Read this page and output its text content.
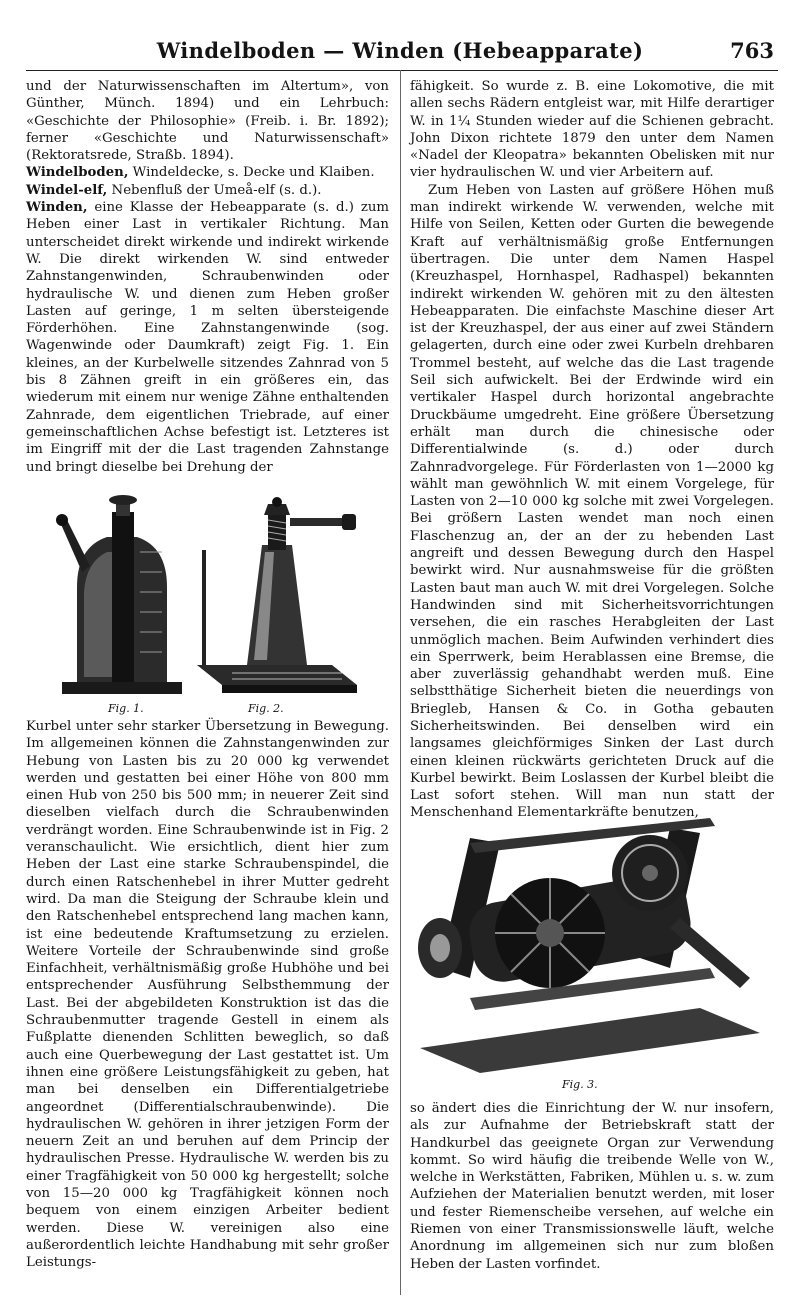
Windelboden — Winden (Hebeapparate)	763

und der Naturwissenschaften im Altertum», von Günther, Münch. 1894) und ein Lehrbuch: «Geschichte der Philosophie» (Freib. i. Br. 1892); ferner «Geschichte und Naturwissenschaft» (Rektoratsrede, Straßb. 1894).

Windelboden, Windeldecke, s. Decke und Klaiben.

Windel-elf, Nebenfluß der Umeå-elf (s. d.).

Winden, eine Klasse der Hebeapparate (s. d.) zum Heben einer Last in vertikaler Richtung. Man unterscheidet direkt wirkende und indirekt wirkende W. Die direkt wirkenden W. sind entweder Zahnstangenwinden, Schraubenwinden oder hydraulische W. und dienen zum Heben großer Lasten auf geringe, 1 m selten übersteigende Förderhöhen. Eine Zahnstangenwinde (sog. Wagenwinde oder Daumkraft) zeigt Fig. 1. Ein kleines, an der Kurbelwelle sitzendes Zahnrad von 5 bis 8 Zähnen greift in ein größeres ein, das wiederum mit einem nur wenige Zähne enthaltenden Zahnrade, dem eigentlichen Triebrade, auf einer gemeinschaftlichen Achse befestigt ist. Letzteres ist im Eingriff mit der die Last tragenden Zahnstange und bringt dieselbe bei Drehung der

Fig. 1.	Fig. 2.

Kurbel unter sehr starker Übersetzung in Bewegung. Im allgemeinen können die Zahnstangenwinden zur Hebung von Lasten bis zu 20 000 kg verwendet werden und gestatten bei einer Höhe von 800 mm einen Hub von 250 bis 500 mm; in neuerer Zeit sind dieselben vielfach durch die Schraubenwinden verdrängt worden. Eine Schraubenwinde ist in Fig. 2 veranschaulicht. Wie ersichtlich, dient hier zum Heben der Last eine starke Schraubenspindel, die durch einen Ratschenhebel in ihrer Mutter gedreht wird. Da man die Steigung der Schraube klein und den Ratschenhebel entsprechend lang machen kann, ist eine bedeutende Kraftumsetzung zu erzielen. Weitere Vorteile der Schraubenwinde sind große Einfachheit, verhältnismäßig große Hubhöhe und bei entsprechender Ausführung Selbsthemmung der Last. Bei der abgebildeten Konstruktion ist das die Schraubenmutter tragende Gestell in einem als Fußplatte dienenden Schlitten beweglich, so daß auch eine Querbewegung der Last gestattet ist. Um ihnen eine größere Leistungsfähigkeit zu geben, hat man bei denselben ein Differentialgetriebe angeordnet (Differentialschraubenwinde). Die hydraulischen W. gehören in ihrer jetzigen Form der neuern Zeit an und beruhen auf dem Princip der hydraulischen Presse. Hydraulische W. werden bis zu einer Tragfähigkeit von 50 000 kg hergestellt; solche von 15—20 000 kg Tragfähigkeit können noch bequem von einem einzigen Arbeiter bedient werden. Diese W. vereinigen also eine außerordentlich leichte Handhabung mit sehr großer Leistungs-

fähigkeit. So wurde z. B. eine Lokomotive, die mit allen sechs Rädern entgleist war, mit Hilfe derartiger W. in 1¼ Stunden wieder auf die Schienen gebracht. John Dixon richtete 1879 den unter dem Namen «Nadel der Kleopatra» bekannten Obelisken mit nur vier hydraulischen W. und vier Arbeitern auf.

Zum Heben von Lasten auf größere Höhen muß man indirekt wirkende W. verwenden, welche mit Hilfe von Seilen, Ketten oder Gurten die bewegende Kraft auf verhältnismäßig große Entfernungen übertragen. Die unter dem Namen Haspel (Kreuzhaspel, Hornhaspel, Radhaspel) bekannten indirekt wirkenden W. gehören mit zu den ältesten Hebeapparaten. Die einfachste Maschine dieser Art ist der Kreuzhaspel, der aus einer auf zwei Ständern gelagerten, durch eine oder zwei Kurbeln drehbaren Trommel besteht, auf welche das die Last tragende Seil sich aufwickelt. Bei der Erdwinde wird ein vertikaler Haspel durch horizontal angebrachte Druckbäume umgedreht. Eine größere Übersetzung erhält man durch die chinesische oder Differentialwinde (s. d.) oder durch Zahnradvorgelege. Für Förderlasten von 1—2000 kg wählt man gewöhnlich W. mit einem Vorgelege, für Lasten von 2—10 000 kg solche mit zwei Vorgelegen. Bei größern Lasten wendet man noch einen Flaschenzug an, der an der zu hebenden Last angreift und dessen Bewegung durch den Haspel bewirkt wird. Nur ausnahmsweise für die größten Lasten baut man auch W. mit drei Vorgelegen. Solche Handwinden sind mit Sicherheitsvorrichtungen versehen, die ein rasches Herabgleiten der Last unmöglich machen. Beim Aufwinden verhindert dies ein Sperrwerk, beim Herablassen eine Bremse, die aber zuverlässig gehandhabt werden muß. Eine selbstthätige Sicherheit bieten die neuerdings von Briegleb, Hansen & Co. in Gotha gebauten Sicherheitswinden. Bei denselben wird ein langsames gleichförmiges Sinken der Last durch einen kleinen rückwärts gerichteten Druck auf die Kurbel bewirkt. Beim Loslassen der Kurbel bleibt die Last sofort stehen. Will man nun statt der Menschenhand Elementarkräfte benutzen,

Fig. 3.

so ändert dies die Einrichtung der W. nur insofern, als zur Aufnahme der Betriebskraft statt der Handkurbel das geeignete Organ zur Verwendung kommt. So wird häufig die treibende Welle von W., welche in Werkstätten, Fabriken, Mühlen u. s. w. zum Aufziehen der Materialien benutzt werden, mit loser und fester Riemenscheibe versehen, auf welche ein Riemen von einer Transmissionswelle läuft, welche Anordnung im allgemeinen sich nur zum bloßen Heben der Lasten vorfindet.
